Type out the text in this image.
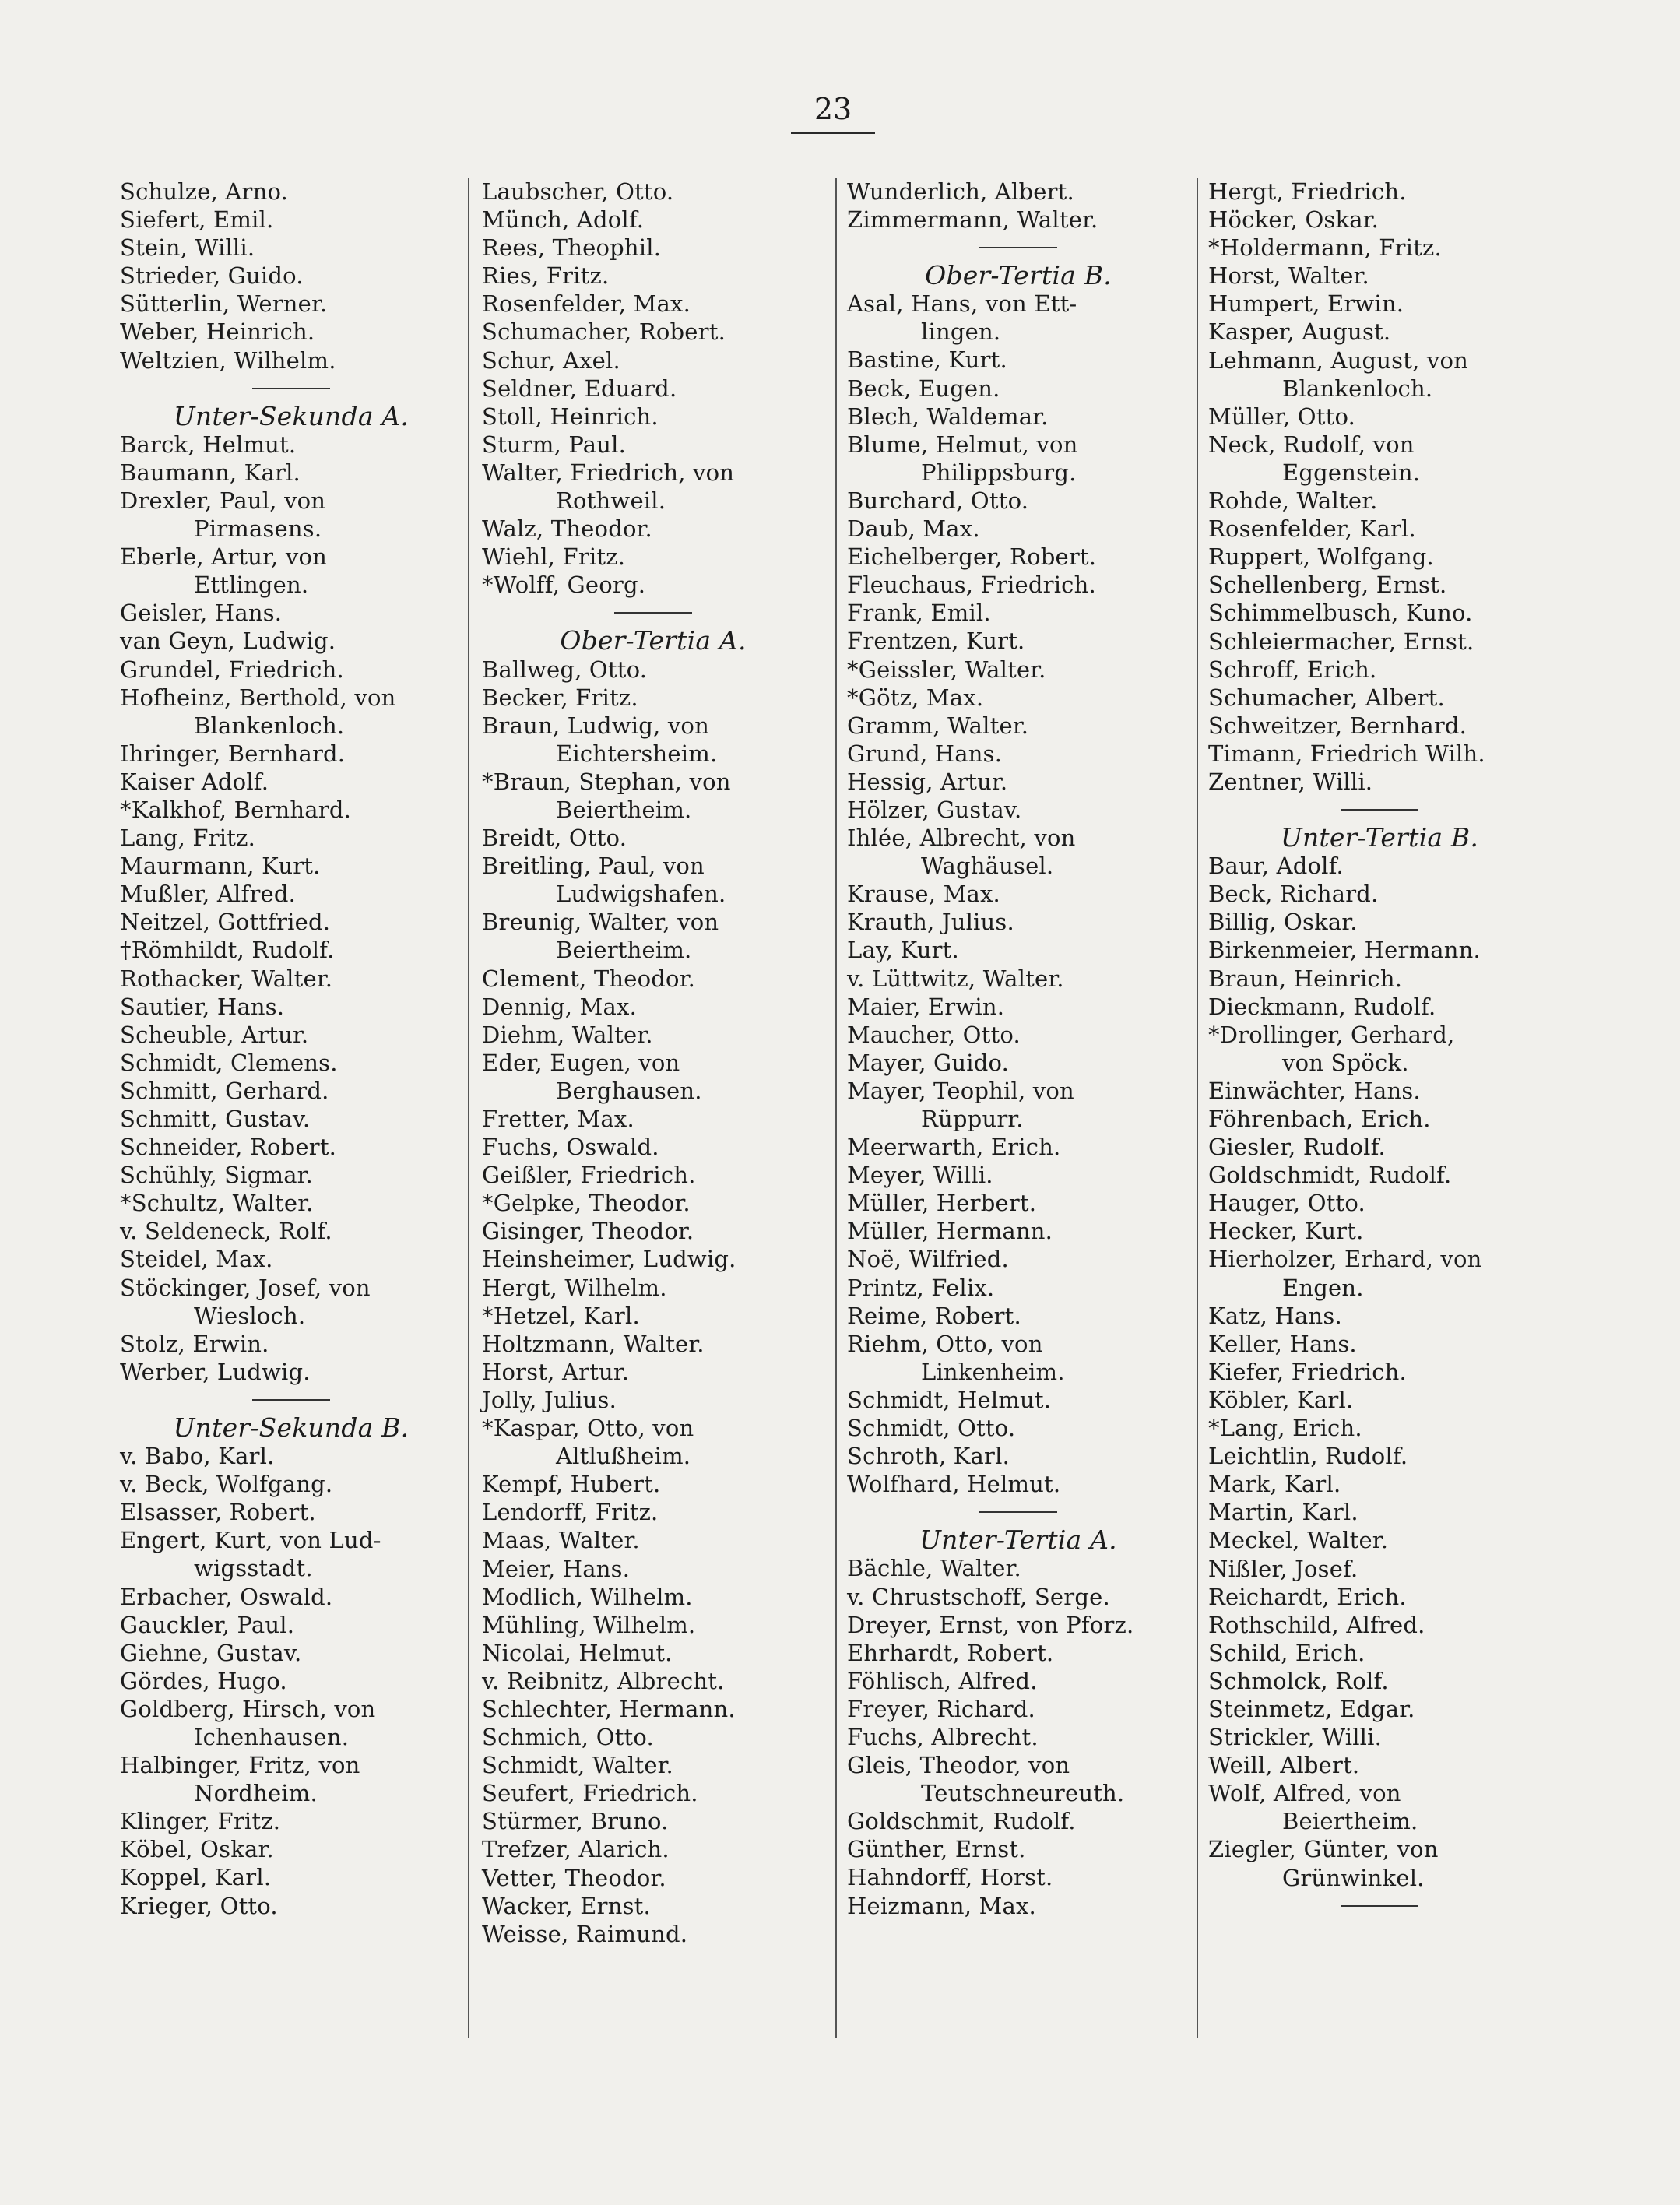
23
Schulze, Arno.
Siefert, Emil.
Stein, Willi.
Strieder, Guido.
Sütterlin, Werner.
Weber, Heinrich.
Weltzien, Wilhelm.
Unter-Sekunda A.
Barck, Helmut.
Baumann, Karl.
Drexler, Paul, von
Pirmasens.
Eberle, Artur, von
Ettlingen.
Geisler, Hans.
van Geyn, Ludwig.
Grundel, Friedrich.
Hofheinz, Berthold, von
Blankenloch.
Ihringer, Bernhard.
Kaiser Adolf.
*Kalkhof, Bernhard.
Lang, Fritz.
Maurmann, Kurt.
Mußler, Alfred.
Neitzel, Gottfried.
†Römhildt, Rudolf.
Rothacker, Walter.
Sautier, Hans.
Scheuble, Artur.
Schmidt, Clemens.
Schmitt, Gerhard.
Schmitt, Gustav.
Schneider, Robert.
Schühly, Sigmar.
*Schultz, Walter.
v. Seldeneck, Rolf.
Steidel, Max.
Stöckinger, Josef, von
Wiesloch.
Stolz, Erwin.
Werber, Ludwig.
Unter-Sekunda B.
v. Babo, Karl.
v. Beck, Wolfgang.
Elsasser, Robert.
Engert, Kurt, von Lud-
wigsstadt.
Erbacher, Oswald.
Gauckler, Paul.
Giehne, Gustav.
Gördes, Hugo.
Goldberg, Hirsch, von
Ichenhausen.
Halbinger, Fritz, von
Nordheim.
Klinger, Fritz.
Köbel, Oskar.
Koppel, Karl.
Krieger, Otto.
Laubscher, Otto.
Münch, Adolf.
Rees, Theophil.
Ries, Fritz.
Rosenfelder, Max.
Schumacher, Robert.
Schur, Axel.
Seldner, Eduard.
Stoll, Heinrich.
Sturm, Paul.
Walter, Friedrich, von
Rothweil.
Walz, Theodor.
Wiehl, Fritz.
*Wolff, Georg.
Ober-Tertia A.
Ballweg, Otto.
Becker, Fritz.
Braun, Ludwig, von
Eichtersheim.
*Braun, Stephan, von
Beiertheim.
Breidt, Otto.
Breitling, Paul, von
Ludwigshafen.
Breunig, Walter, von
Beiertheim.
Clement, Theodor.
Dennig, Max.
Diehm, Walter.
Eder, Eugen, von
Berghausen.
Fretter, Max.
Fuchs, Oswald.
Geißler, Friedrich.
*Gelpke, Theodor.
Gisinger, Theodor.
Heinsheimer, Ludwig.
Hergt, Wilhelm.
*Hetzel, Karl.
Holtzmann, Walter.
Horst, Artur.
Jolly, Julius.
*Kaspar, Otto, von
Altlußheim.
Kempf, Hubert.
Lendorff, Fritz.
Maas, Walter.
Meier, Hans.
Modlich, Wilhelm.
Mühling, Wilhelm.
Nicolai, Helmut.
v. Reibnitz, Albrecht.
Schlechter, Hermann.
Schmich, Otto.
Schmidt, Walter.
Seufert, Friedrich.
Stürmer, Bruno.
Trefzer, Alarich.
Vetter, Theodor.
Wacker, Ernst.
Weisse, Raimund.
Wunderlich, Albert.
Zimmermann, Walter.
Ober-Tertia B.
Asal, Hans, von Ett-
lingen.
Bastine, Kurt.
Beck, Eugen.
Blech, Waldemar.
Blume, Helmut, von
Philippsburg.
Burchard, Otto.
Daub, Max.
Eichelberger, Robert.
Fleuchaus, Friedrich.
Frank, Emil.
Frentzen, Kurt.
*Geissler, Walter.
*Götz, Max.
Gramm, Walter.
Grund, Hans.
Hessig, Artur.
Hölzer, Gustav.
Ihlée, Albrecht, von
Waghäusel.
Krause, Max.
Krauth, Julius.
Lay, Kurt.
v. Lüttwitz, Walter.
Maier, Erwin.
Maucher, Otto.
Mayer, Guido.
Mayer, Teophil, von
Rüppurr.
Meerwarth, Erich.
Meyer, Willi.
Müller, Herbert.
Müller, Hermann.
Noë, Wilfried.
Printz, Felix.
Reime, Robert.
Riehm, Otto, von
Linkenheim.
Schmidt, Helmut.
Schmidt, Otto.
Schroth, Karl.
Wolfhard, Helmut.
Unter-Tertia A.
Bächle, Walter.
v. Chrustschoff, Serge.
Dreyer, Ernst, von Pforz.
Ehrhardt, Robert.
Föhlisch, Alfred.
Freyer, Richard.
Fuchs, Albrecht.
Gleis, Theodor, von
Teutschneureuth.
Goldschmit, Rudolf.
Günther, Ernst.
Hahndorff, Horst.
Heizmann, Max.
Hergt, Friedrich.
Höcker, Oskar.
*Holdermann, Fritz.
Horst, Walter.
Humpert, Erwin.
Kasper, August.
Lehmann, August, von
Blankenloch.
Müller, Otto.
Neck, Rudolf, von
Eggenstein.
Rohde, Walter.
Rosenfelder, Karl.
Ruppert, Wolfgang.
Schellenberg, Ernst.
Schimmelbusch, Kuno.
Schleiermacher, Ernst.
Schroff, Erich.
Schumacher, Albert.
Schweitzer, Bernhard.
Timann, Friedrich Wilh.
Zentner, Willi.
Unter-Tertia B.
Baur, Adolf.
Beck, Richard.
Billig, Oskar.
Birkenmeier, Hermann.
Braun, Heinrich.
Dieckmann, Rudolf.
*Drollinger, Gerhard,
von Spöck.
Einwächter, Hans.
Föhrenbach, Erich.
Giesler, Rudolf.
Goldschmidt, Rudolf.
Hauger, Otto.
Hecker, Kurt.
Hierholzer, Erhard, von
Engen.
Katz, Hans.
Keller, Hans.
Kiefer, Friedrich.
Köbler, Karl.
*Lang, Erich.
Leichtlin, Rudolf.
Mark, Karl.
Martin, Karl.
Meckel, Walter.
Nißler, Josef.
Reichardt, Erich.
Rothschild, Alfred.
Schild, Erich.
Schmolck, Rolf.
Steinmetz, Edgar.
Strickler, Willi.
Weill, Albert.
Wolf, Alfred, von
Beiertheim.
Ziegler, Günter, von
Grünwinkel.
